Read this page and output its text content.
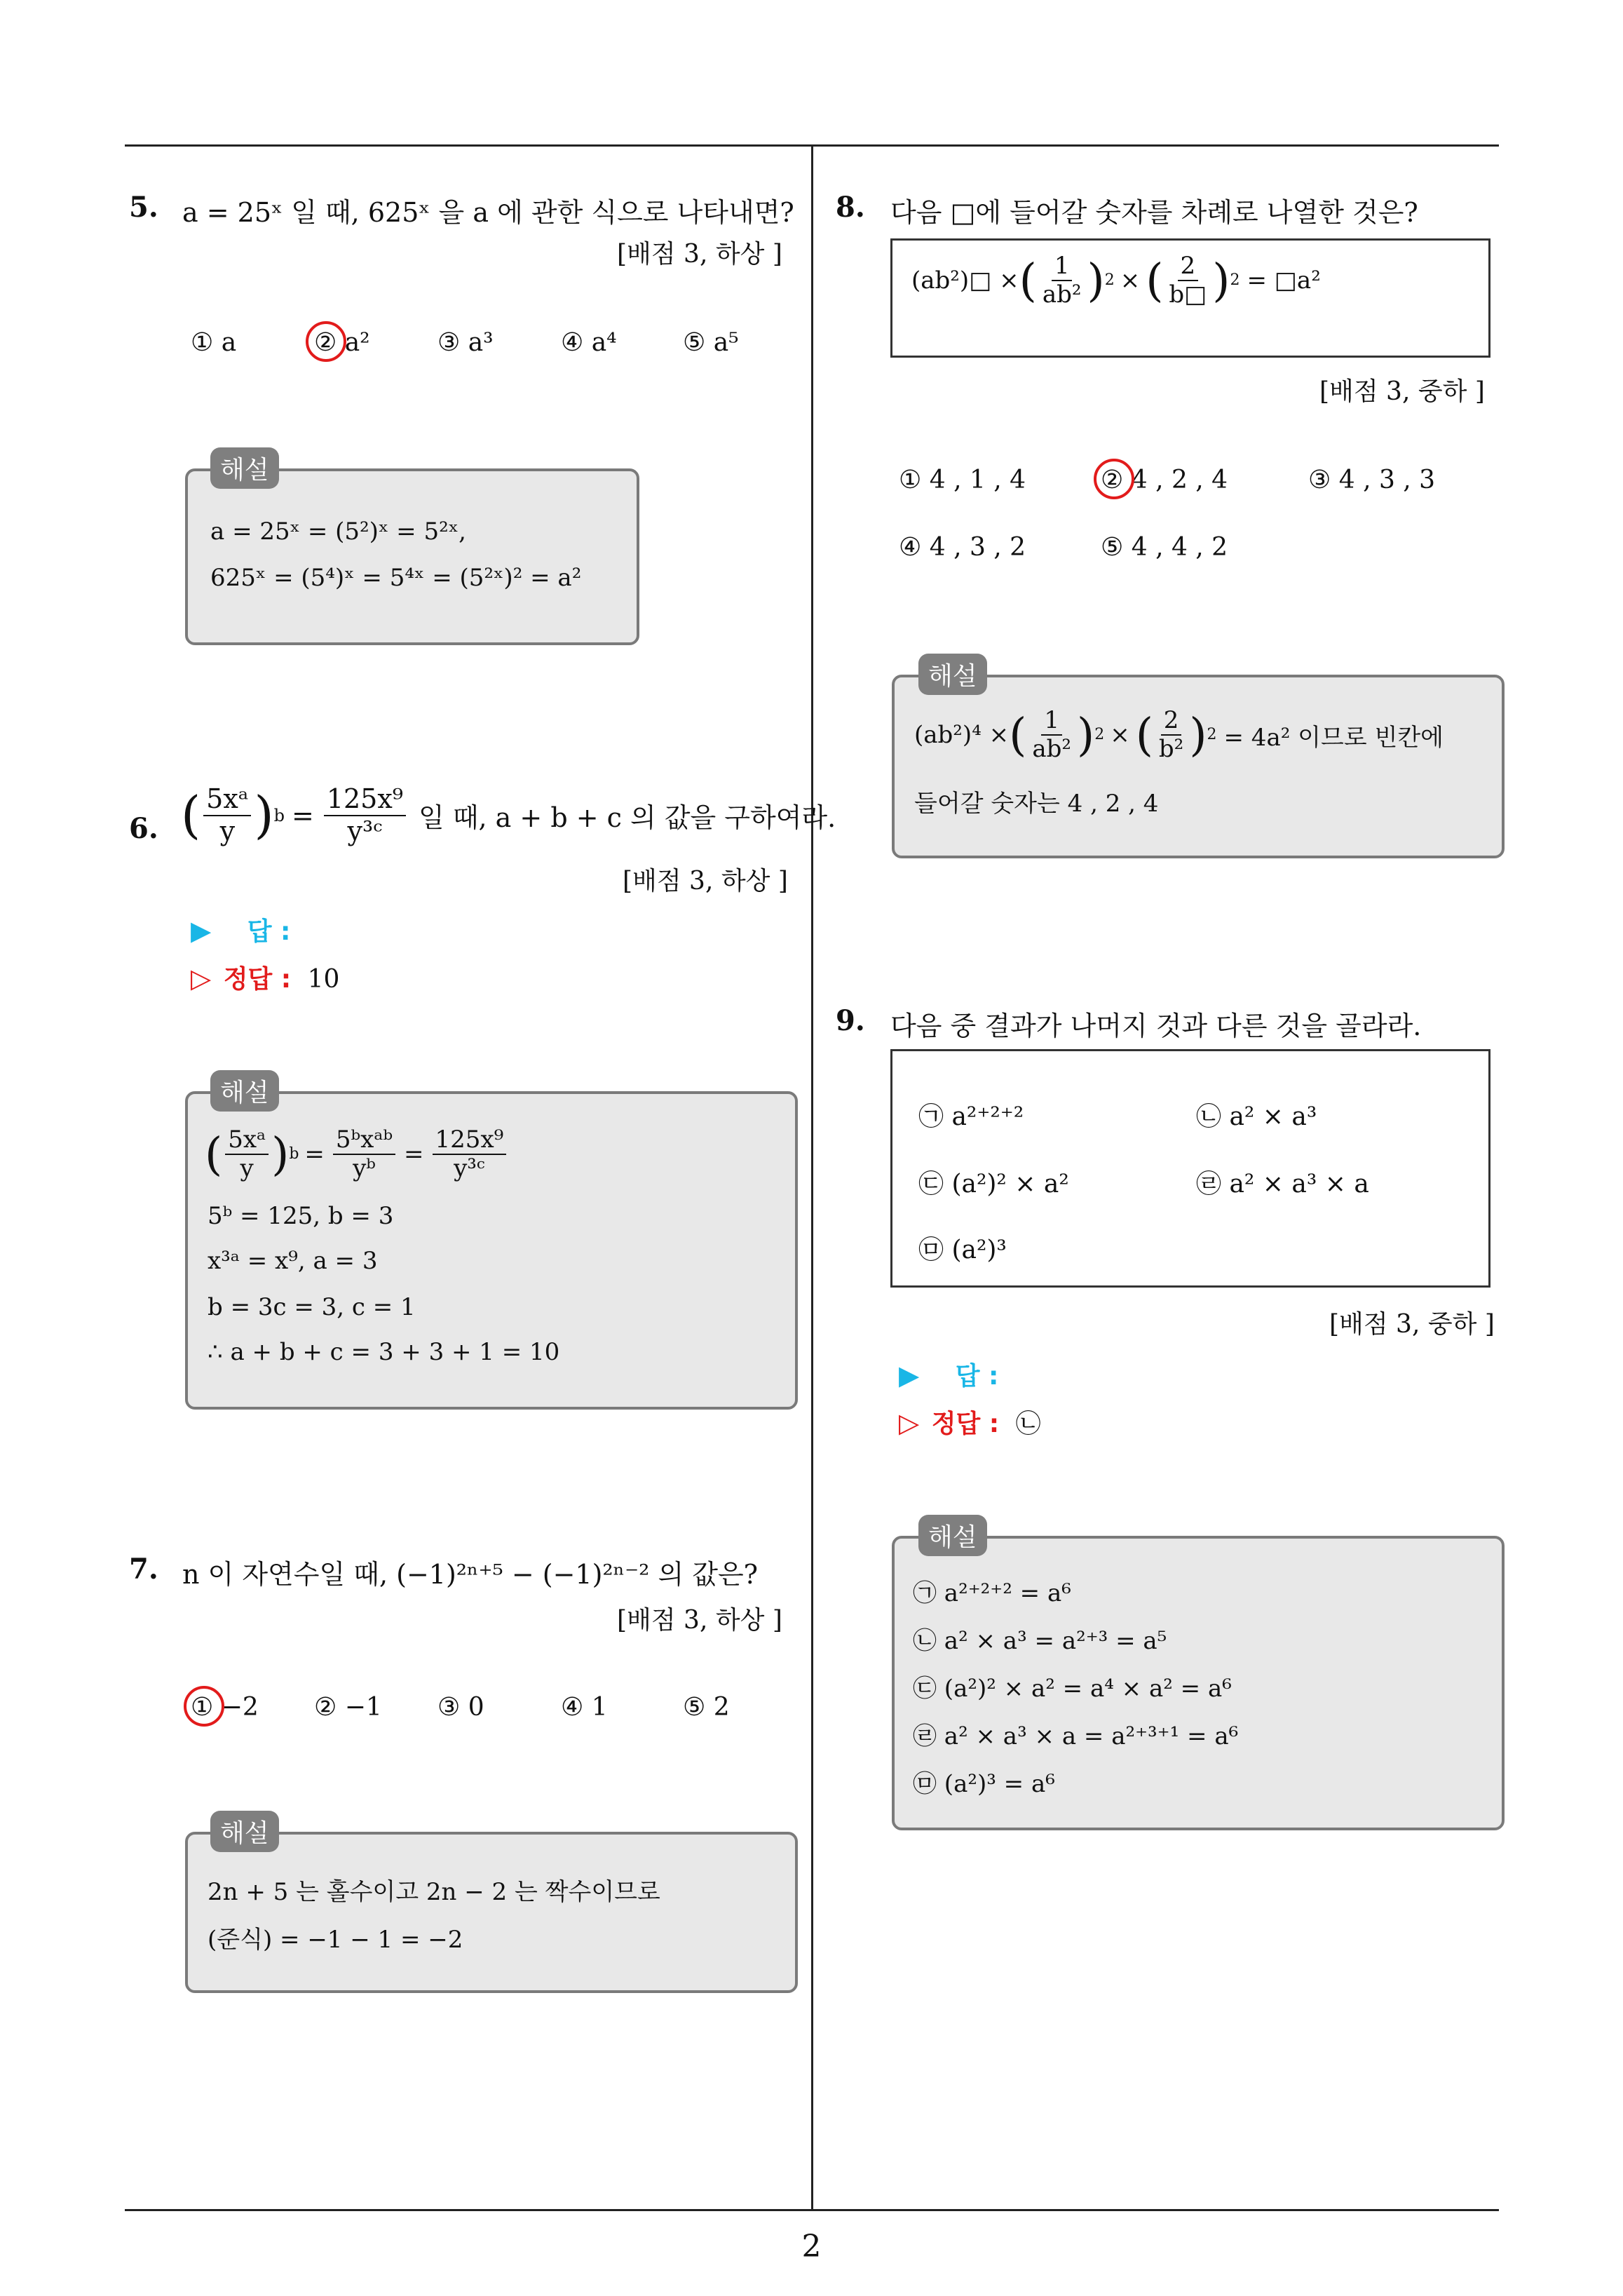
2
5. a = 25ˣ 일 때, 625ˣ 을 a 에 관한 식으로 나타내면?
[배점 3, 하상 ]
① a	② a²	③ a³	④ a⁴	⑤ a⁵
해설
a = 25ˣ = (5²)ˣ = 5²ˣ,
625ˣ = (5⁴)ˣ = 5⁴ˣ = (5²ˣ)² = a²
6. ( $\frac{\text{5xᵃ}}{y}$ ) $b = \frac{\text{125x⁹}}{\text{y³ᶜ}}$ 일 때, a + b + c 의 값을 구하여라.
[배점 3, 하상 ]
▶ 답 :
▷ 정답 : 10
해설
( $\frac{\text{5xᵃ}}{y}$ ) $b = \frac{\text{5ᵇxᵃᵇ}}{\text{yᵇ}} = \frac{\text{125x⁹}}{\text{y³ᶜ}}$
5ᵇ = 125, b = 3
x³ᵃ = x⁹, a = 3
b = 3c = 3, c = 1
∴ a + b + c = 3 + 3 + 1 = 10
7. n 이 자연수일 때, (−1)²ⁿ⁺⁵ − (−1)²ⁿ⁻² 의 값은?
[배점 3, 하상 ]
① −2 ② −1 ③ 0	④ 1	⑤ 2
해설
2n + 5 는 홀수이고 2n − 2 는 짝수이므로
(준식) = −1 − 1 = −2
8. 다음 □에 들어갈 숫자를 차례로 나열한 것은?
(ab²)□ × ( $\frac{1}{\text{ab²}}$ ) 2 × ( $\frac{2}{b□}$ ) 2 = □a²
[배점 3, 중하 ]
① 4 , 1 , 4	② 4 , 2 , 4	③ 4 , 3 , 3
④ 4 , 3 , 2	⑤ 4 , 4 , 2
해설
(ab²)⁴ × ( $\frac{1}{\text{ab²}}$ ) 2 × ( $\frac{2}{\text{b²}}$ ) 2 = 4a² 이므로 빈칸에
들어갈 숫자는 4 , 2 , 4
9. 다음 중 결과가 나머지 것과 다른 것을 골라라.
㉠ a²⁺²⁺²	㉡ a² × a³
㉢ (a²)² × a²	㉣ a² × a³ × a
㉤ (a²)³
[배점 3, 중하 ]
▶ 답 :
▷ 정답 : ㉡
해설
㉠ a²⁺²⁺² = a⁶
㉡ a² × a³ = a²⁺³ = a⁵
㉢ (a²)² × a² = a⁴ × a² = a⁶
㉣ a² × a³ × a = a²⁺³⁺¹ = a⁶
㉤ (a²)³ = a⁶
